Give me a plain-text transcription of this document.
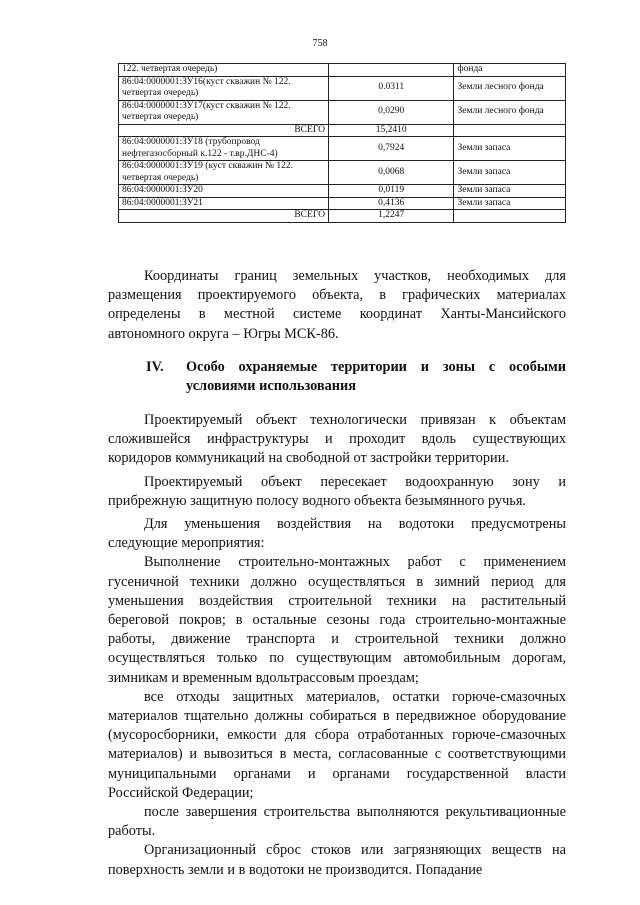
758
122. четвертая очередь)		фонда
86:04:0000001:ЗУ16(куст скважин № 122. четвертая очередь)	0.0311	Земли лесного фонда
86:04:0000001:ЗУ17(куст скважин № 122. четвертая очередь)	0,0290	Земли лесного фонда
ВСЕГО	15,2410	
86:04:0000001:ЗУ18 (трубопровод нефтегазосборный к.122 - т.вр.ДНС-4)	0,7924	Земли запаса
86:04:0000001:ЗУ19 (куст скважин № 122. четвертая очередь)	0,0068	Земли запаса
86:04:0000001:ЗУ20	0,0119	Земли запаса
86:04:0000001:ЗУ21	0,4136	Земли запаса
ВСЕГО	1,2247	

Координаты границ земельных участков, необходимых для размещения проектируемого объекта, в графических материалах определены в местной системе координат Ханты-Мансийского автономного округа – Югры МСК-86.

IV. Особо охраняемые территории и зоны с особыми условиями использования

Проектируемый объект технологически привязан к объектам сложившейся инфраструктуры и проходит вдоль существующих коридоров коммуникаций на свободной от застройки территории.

Проектируемый объект пересекает водоохранную зону и прибрежную защитную полосу водного объекта безымянного ручья.

Для уменьшения воздействия на водотоки предусмотрены следующие мероприятия:

Выполнение строительно-монтажных работ с применением гусеничной техники должно осуществляться в зимний период для уменьшения воздействия строительной техники на растительный береговой покров; в остальные сезоны года строительно-монтажные работы, движение транспорта и строительной техники должно осуществляться только по существующим автомобильным дорогам, зимникам и временным вдольтрассовым проездам;

все отходы защитных материалов, остатки горюче-смазочных материалов тщательно должны собираться в передвижное оборудование (мусоросборники, емкости для сбора отработанных горюче-смазочных материалов) и вывозиться в места, согласованные с соответствующими муниципальными органами и органами государственной власти Российской Федерации;

после завершения строительства выполняются рекультивационные работы.

Организационный сброс стоков или загрязняющих веществ на поверхность земли и в водотоки не производится. Попадание
